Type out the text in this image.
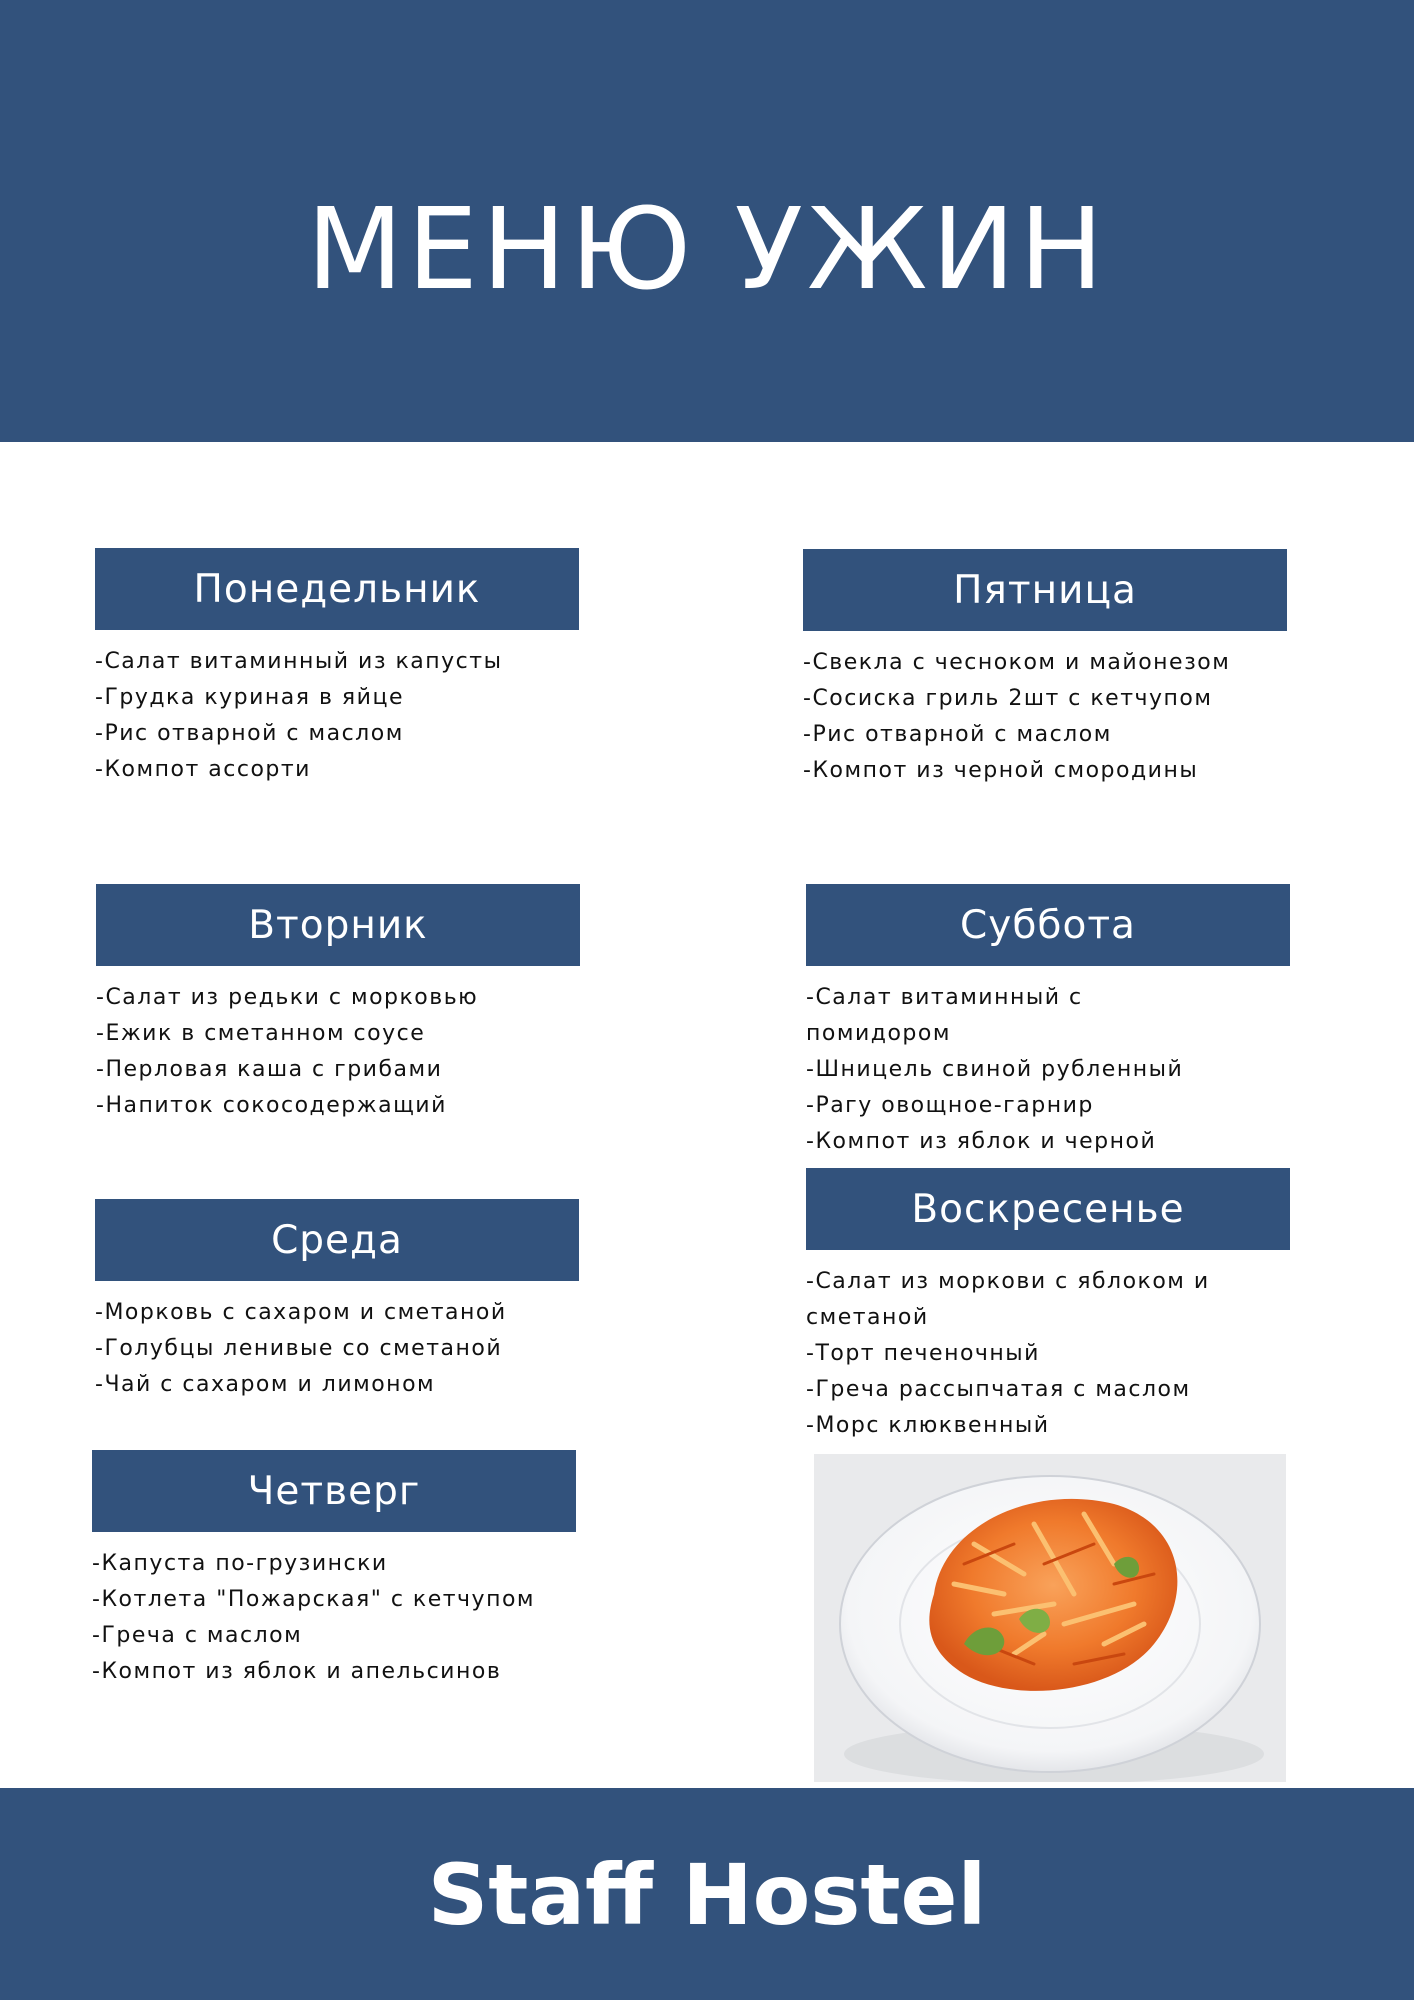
МЕНЮ УЖИН
Понедельник
-Салат витаминный из капусты
-Грудка куриная в яйце
-Рис отварной с маслом
-Компот ассорти
Вторник
-Салат из редьки с морковью
-Ежик в сметанном соусе
-Перловая каша с грибами
-Напиток сокосодержащий
Среда
-Морковь с сахаром и сметаной
-Голубцы ленивые со сметаной
-Чай с сахаром и лимоном
Четверг
-Капуста по-грузински
-Котлета "Пожарская" с кетчупом
-Греча с маслом
-Компот из яблок и апельсинов
Пятница
-Свекла с чесноком и майонезом
-Сосиска гриль 2шт с кетчупом
-Рис отварной с маслом
-Компот из черной смородины
Суббота
-Салат витаминный с помидором
-Шницель свиной рубленный
-Рагу овощное-гарнир
-Компот из яблок и черной
Воскресенье
-Салат из моркови с яблоком и сметаной
-Торт печеночный
-Греча рассыпчатая с маслом
-Морс клюквенный
Staff Hostel
